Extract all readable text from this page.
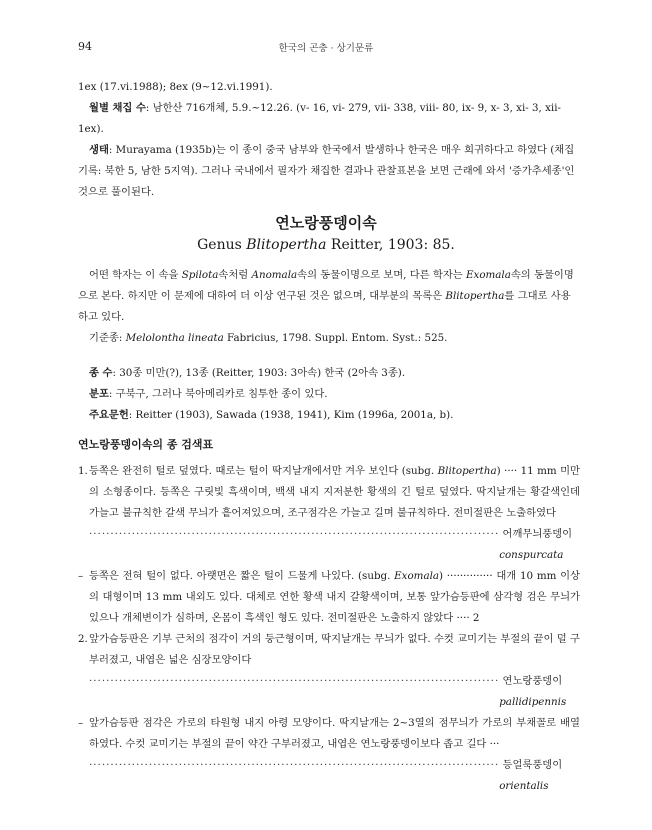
94	한국의 곤충 · 상기문류

1ex (17.vi.1988); 8ex (9~12.vi.1991).

월별 채집 수: 남한산 716개체, 5.9.~12.26. (v- 16, vi- 279, vii- 338, viii- 80, ix- 9, x- 3, xi- 3, xii- 1ex).

생태: Murayama (1935b)는 이 종이 중국 남부와 한국에서 발생하나 한국은 매우 희귀하다고 하였다 (채집기록: 북한 5, 남한 5지역). 그러나 국내에서 필자가 채집한 결과나 관찰표본을 보면 근래에 와서 '증가추세종'인 것으로 풀이된다.

연노랑풍뎅이속
Genus Blitopertha Reitter, 1903: 85.

어떤 학자는 이 속을 Spilota속처럼 Anomala속의 동물이명으로 보며, 다른 학자는 Exomala속의 동물이명으로 본다. 하지만 이 문제에 대하여 더 이상 연구된 것은 없으며, 대부분의 목록은 Blitopertha를 그대로 사용하고 있다.

기준종: Melolontha lineata Fabricius, 1798. Suppl. Entom. Syst.: 525.

종 수: 30종 미만(?), 13종 (Reitter, 1903: 3아속) 한국 (2아속 3종).

분포: 구북구, 그러나 북아메리카로 침투한 종이 있다.

주요문헌: Reitter (1903), Sawada (1938, 1941), Kim (1996a, 2001a, b).

연노랑풍뎅이속의 종 검색표
1. 등쪽은 완전히 털로 덮였다. 때로는 털이 딱지날개에서만 겨우 보인다 (subg. Blitopertha) ···· 11 mm 미만의 소형종이다. 등쪽은 구릿빛 흑색이며, 백색 내지 지저분한 황색의 긴 털로 덮였다. 딱지날개는 황갈색인데 가늘고 불규칙한 갈색 무늬가 흩어져있으며, 조구점각은 가늘고 길며 불규칙하다. 전미절판은 노출하였다

································································································ 어깨무늬풍뎅이 conspurcata
– 등쪽은 전혀 털이 없다. 아랫면은 짧은 털이 드물게 나있다. (subg. Exomala) ·············· 대개 10 mm 이상의 대형이며 13 mm 내외도 있다. 대체로 연한 황색 내지 갈황색이며, 보통 앞가슴등판에 삼각형 검은 무늬가 있으나 개체변이가 심하며, 온몸이 흑색인 형도 있다. 전미절판은 노출하지 않았다 ···· 2

2. 앞가슴등판은 기부 근처의 점각이 거의 둥근형이며, 딱지날개는 무늬가 없다. 수컷 교미기는 부절의 끝이 덜 구부러졌고, 내엽은 넓은 심장모양이다

································································································ 연노랑풍뎅이 pallidipennis
– 앞가슴등판 점각은 가로의 타원형 내지 아령 모양이다. 딱지날개는 2~3열의 점무늬가 가로의 부채꼴로 배열하였다. 수컷 교미기는 부절의 끝이 약간 구부러졌고, 내엽은 연노랑풍뎅이보다 좁고 길다 ···

································································································ 등얼룩풍뎅이 orientalis
